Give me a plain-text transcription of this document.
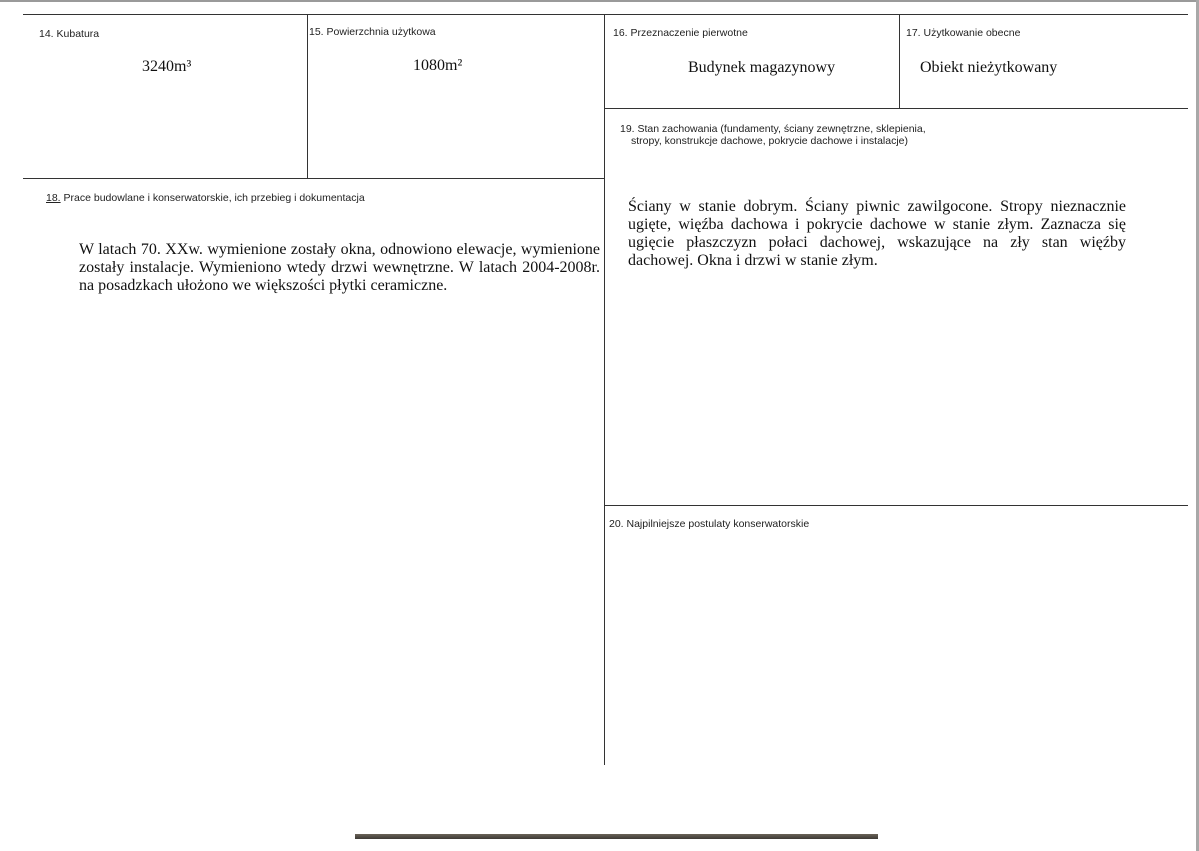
14. Kubatura
3240m³
15. Powierzchnia użytkowa
1080m²
16. Przeznaczenie pierwotne
Budynek magazynowy
17. Użytkowanie obecne
Obiekt nieżytkowany
19. Stan zachowania (fundamenty, ściany zewnętrzne, sklepienia,
stropy, konstrukcje dachowe, pokrycie dachowe i instalacje)
Ściany w stanie dobrym. Ściany piwnic zawilgocone. Stropy nieznacznie ugięte, więźba dachowa i pokrycie dachowe w stanie złym. Zaznacza się ugięcie płaszczyzn połaci dachowej, wskazujące na zły stan więźby dachowej. Okna i drzwi w stanie złym.
18. Prace budowlane i konserwatorskie, ich przebieg i dokumentacja
W latach 70. XXw. wymienione zostały okna, odnowiono elewacje, wymienione zostały instalacje. Wymieniono wtedy drzwi wewnętrzne. W latach 2004-2008r. na posadzkach ułożono we większości płytki ceramiczne.
20. Najpilniejsze postulaty konserwatorskie
